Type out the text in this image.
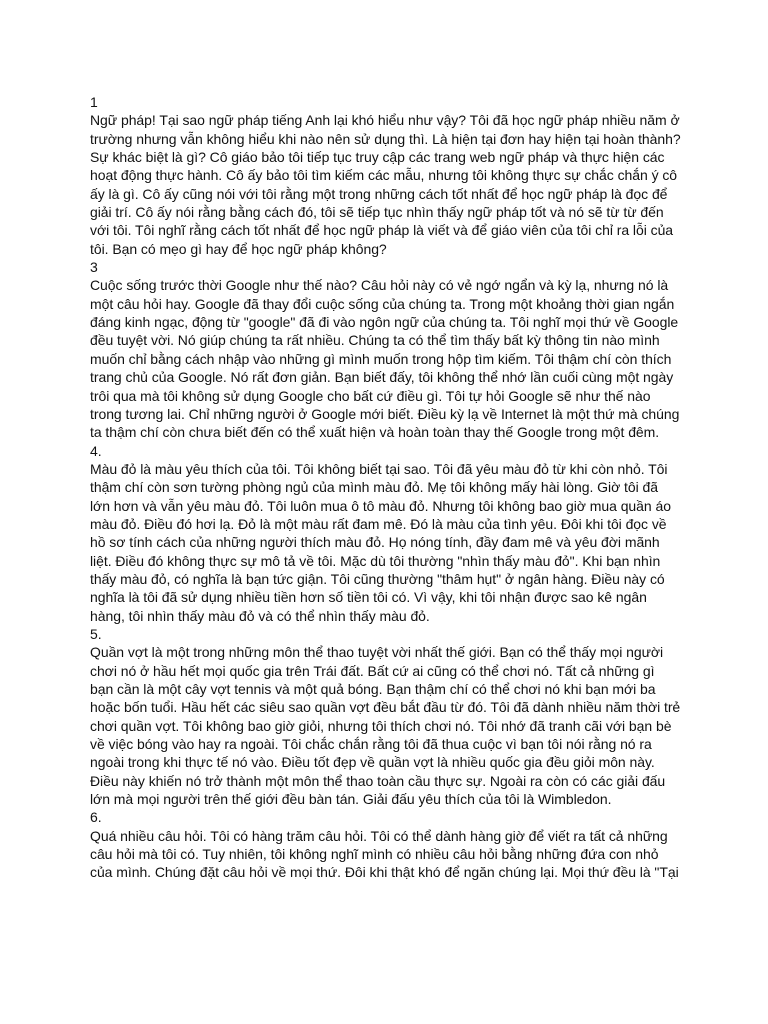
1
Ngữ pháp! Tại sao ngữ pháp tiếng Anh lại khó hiểu như vậy? Tôi đã học ngữ pháp nhiều năm ở
trường nhưng vẫn không hiểu khi nào nên sử dụng thì. Là hiện tại đơn hay hiện tại hoàn thành?
Sự khác biệt là gì? Cô giáo bảo tôi tiếp tục truy cập các trang web ngữ pháp và thực hiện các
hoạt động thực hành. Cô ấy bảo tôi tìm kiếm các mẫu, nhưng tôi không thực sự chắc chắn ý cô
ấy là gì. Cô ấy cũng nói với tôi rằng một trong những cách tốt nhất để học ngữ pháp là đọc để
giải trí. Cô ấy nói rằng bằng cách đó, tôi sẽ tiếp tục nhìn thấy ngữ pháp tốt và nó sẽ từ từ đến
với tôi. Tôi nghĩ rằng cách tốt nhất để học ngữ pháp là viết và để giáo viên của tôi chỉ ra lỗi của
tôi. Bạn có mẹo gì hay để học ngữ pháp không?
3
Cuộc sống trước thời Google như thế nào? Câu hỏi này có vẻ ngớ ngẩn và kỳ lạ, nhưng nó là
một câu hỏi hay. Google đã thay đổi cuộc sống của chúng ta. Trong một khoảng thời gian ngắn
đáng kinh ngạc, động từ "google" đã đi vào ngôn ngữ của chúng ta. Tôi nghĩ mọi thứ về Google
đều tuyệt vời. Nó giúp chúng ta rất nhiều. Chúng ta có thể tìm thấy bất kỳ thông tin nào mình
muốn chỉ bằng cách nhập vào những gì mình muốn trong hộp tìm kiếm. Tôi thậm chí còn thích
trang chủ của Google. Nó rất đơn giản. Bạn biết đấy, tôi không thể nhớ lần cuối cùng một ngày
trôi qua mà tôi không sử dụng Google cho bất cứ điều gì. Tôi tự hỏi Google sẽ như thế nào
trong tương lai. Chỉ những người ở Google mới biết. Điều kỳ lạ về Internet là một thứ mà chúng
ta thậm chí còn chưa biết đến có thể xuất hiện và hoàn toàn thay thế Google trong một đêm.
4.
Màu đỏ là màu yêu thích của tôi. Tôi không biết tại sao. Tôi đã yêu màu đỏ từ khi còn nhỏ. Tôi
thậm chí còn sơn tường phòng ngủ của mình màu đỏ. Mẹ tôi không mấy hài lòng. Giờ tôi đã
lớn hơn và vẫn yêu màu đỏ. Tôi luôn mua ô tô màu đỏ. Nhưng tôi không bao giờ mua quần áo
màu đỏ. Điều đó hơi lạ. Đỏ là một màu rất đam mê. Đó là màu của tình yêu. Đôi khi tôi đọc về
hồ sơ tính cách của những người thích màu đỏ. Họ nóng tính, đầy đam mê và yêu đời mãnh
liệt. Điều đó không thực sự mô tả về tôi. Mặc dù tôi thường "nhìn thấy màu đỏ". Khi bạn nhìn
thấy màu đỏ, có nghĩa là bạn tức giận. Tôi cũng thường "thâm hụt" ở ngân hàng. Điều này có
nghĩa là tôi đã sử dụng nhiều tiền hơn số tiền tôi có. Vì vậy, khi tôi nhận được sao kê ngân
hàng, tôi nhìn thấy màu đỏ và có thể nhìn thấy màu đỏ.
5.
Quần vợt là một trong những môn thể thao tuyệt vời nhất thế giới. Bạn có thể thấy mọi người
chơi nó ở hầu hết mọi quốc gia trên Trái đất. Bất cứ ai cũng có thể chơi nó. Tất cả những gì
bạn cần là một cây vợt tennis và một quả bóng. Bạn thậm chí có thể chơi nó khi bạn mới ba
hoặc bốn tuổi. Hầu hết các siêu sao quần vợt đều bắt đầu từ đó. Tôi đã dành nhiều năm thời trẻ
chơi quần vợt. Tôi không bao giờ giỏi, nhưng tôi thích chơi nó. Tôi nhớ đã tranh cãi với bạn bè
về việc bóng vào hay ra ngoài. Tôi chắc chắn rằng tôi đã thua cuộc vì bạn tôi nói rằng nó ra
ngoài trong khi thực tế nó vào. Điều tốt đẹp về quần vợt là nhiều quốc gia đều giỏi môn này.
Điều này khiến nó trở thành một môn thể thao toàn cầu thực sự. Ngoài ra còn có các giải đấu
lớn mà mọi người trên thế giới đều bàn tán. Giải đấu yêu thích của tôi là Wimbledon.
6.
Quá nhiều câu hỏi. Tôi có hàng trăm câu hỏi. Tôi có thể dành hàng giờ để viết ra tất cả những
câu hỏi mà tôi có. Tuy nhiên, tôi không nghĩ mình có nhiều câu hỏi bằng những đứa con nhỏ
của mình. Chúng đặt câu hỏi về mọi thứ. Đôi khi thật khó để ngăn chúng lại. Mọi thứ đều là "Tại
